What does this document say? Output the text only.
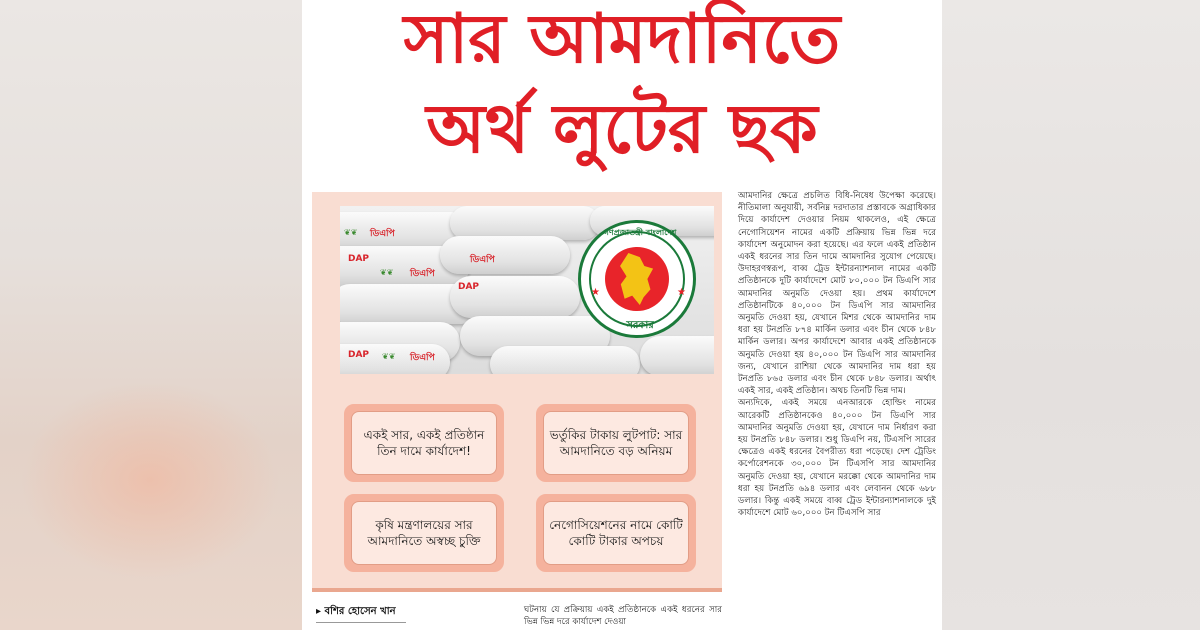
সার আমদানিতে
অর্থ লুটের ছক
ডিএপি
❦❦
DAP
❦❦ ডিএপি
ডিএপি
DAP
DAP ❦❦ ডিএপি
গণপ্রজাতন্ত্রী বাংলাদেশ
★	★
সরকার
একই সার, একই প্রতিষ্ঠান তিন দামে কার্যাদেশ!
ভর্তুকির টাকায় লুটপাট: সার আমদানিতে বড় অনিয়ম
কৃষি মন্ত্রণালয়ের সার আমদানিতে অস্বচ্ছ চুক্তি
নেগোসিয়েশনের নামে কোটি কোটি টাকার অপচয়

আমদানির ক্ষেত্রে প্রচলিত বিধি-নিষেধ উপেক্ষা করেছে। নীতিমালা অনুযায়ী, সর্বনিম্ন দরদাতার প্রস্তাবকে অগ্রাধিকার দিয়ে কার্যাদেশ দেওয়ার নিয়ম থাকলেও, এই ক্ষেত্রে নেগোসিয়েশন নামের একটি প্রক্রিয়ায় ভিন্ন ভিন্ন দরে কার্যাদেশ অনুমোদন করা হয়েছে। এর ফলে একই প্রতিষ্ঠান একই ধরনের সার তিন দামে আমদানির সুযোগ পেয়েছে। উদাহরণস্বরূপ, বাব্ব ট্রেড ইন্টারন্যাশনাল নামের একটি প্রতিষ্ঠানকে দুটি কার্যাদেশে মোট ৮০,০০০ টন ডিএপি সার আমদানির অনুমতি দেওয়া হয়। প্রথম কার্যাদেশে প্রতিষ্ঠানটিকে ৪০,০০০ টন ডিএপি সার আমদানির অনুমতি দেওয়া হয়, যেখানে মিশর থেকে আমদানির দাম ধরা হয় টনপ্রতি ৮৭৪ মার্কিন ডলার এবং চীন থেকে ৮৪৮ মার্কিন ডলার। অপর কার্যাদেশে আবার একই প্রতিষ্ঠানকে অনুমতি দেওয়া হয় ৪০,০০০ টন ডিএপি সার আমদানির জন্য, যেখানে রাশিয়া থেকে আমদানির দাম ধরা হয় টনপ্রতি ৮৬৫ ডলার এবং চীন থেকে ৮৪৮ ডলার। অর্থাৎ একই সার, একই প্রতিষ্ঠান। অথচ তিনটি ভিন্ন দাম।

অন্যদিকে, একই সময়ে এনআরকে হোল্ডিং নামের আরেকটি প্রতিষ্ঠানকেও ৪০,০০০ টন ডিএপি সার আমদানির অনুমতি দেওয়া হয়, যেখানে দাম নির্ধারণ করা হয় টনপ্রতি ৮৪৮ ডলার। শুধু ডিএপি নয়, টিএসপি সারের ক্ষেত্রেও একই ধরনের বৈপরীত্য ধরা পড়েছে। দেশ ট্রেডিং কর্পোরেশনকে ৩০,০০০ টন টিএসপি সার আমদানির অনুমতি দেওয়া হয়, যেখানে মরক্কো থেকে আমদানির দাম ধরা হয় টনপ্রতি ৬৯৪ ডলার এবং লেবানন থেকে ৬৮৮ ডলার। কিন্তু একই সময়ে বাব্ব ট্রেড ইন্টারন্যাশনালকে দুই কার্যাদেশে মোট ৬০,০০০ টন টিএসপি সার

▸ বশির হোসেন খান	ঘটনায় যে প্রক্রিয়ায় একই প্রতিষ্ঠানকে একই ধরনের সার ভিন্ন ভিন্ন দরে কার্যাদেশ দেওয়া
